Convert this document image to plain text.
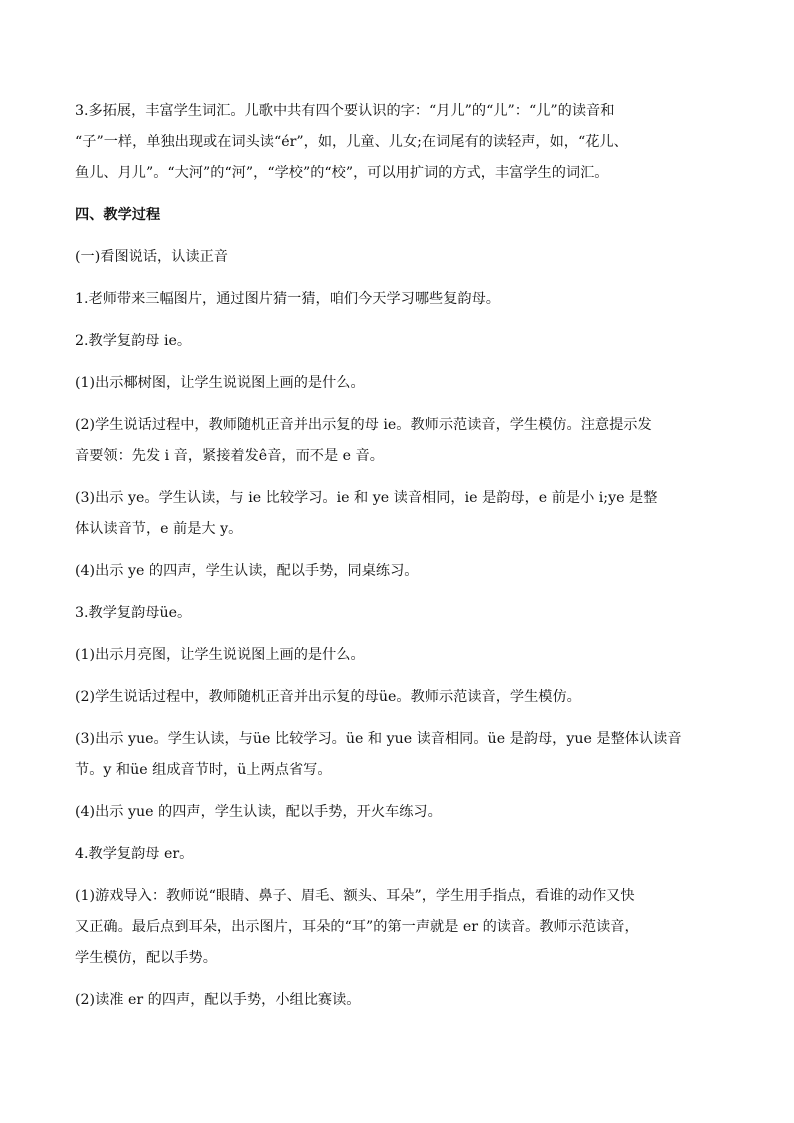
3.多拓展，丰富学生词汇。儿歌中共有四个要认识的字：“月儿”的“儿”：“儿”的读音和
“子”一样，单独出现或在词头读“ér”，如，儿童、儿女;在词尾有的读轻声，如，“花儿、
鱼儿、月儿”。“大河”的“河”，“学校”的“校”，可以用扩词的方式，丰富学生的词汇。

四、教学过程

(一)看图说话，认读正音

1.老师带来三幅图片，通过图片猜一猜，咱们今天学习哪些复韵母。

2.教学复韵母 ie。

(1)出示椰树图，让学生说说图上画的是什么。

(2)学生说话过程中，教师随机正音并出示复的母 ie。教师示范读音，学生模仿。注意提示发
音要领：先发 i 音，紧接着发ê音，而不是 e 音。

(3)出示 ye。学生认读，与 ie 比较学习。ie 和 ye 读音相同，ie 是韵母，e 前是小 i;ye 是整
体认读音节，e 前是大 y。

(4)出示 ye 的四声，学生认读，配以手势，同桌练习。

3.教学复韵母üe。

(1)出示月亮图，让学生说说图上画的是什么。

(2)学生说话过程中，教师随机正音并出示复的母üe。教师示范读音，学生模仿。

(3)出示 yue。学生认读，与üe 比较学习。üe 和 yue 读音相同。üe 是韵母，yue 是整体认读音
节。y 和üe 组成音节时，ü上两点省写。

(4)出示 yue 的四声，学生认读，配以手势，开火车练习。

4.教学复韵母 er。

(1)游戏导入：教师说“眼睛、鼻子、眉毛、额头、耳朵”，学生用手指点，看谁的动作又快
又正确。最后点到耳朵，出示图片，耳朵的“耳”的第一声就是 er 的读音。教师示范读音，
学生模仿，配以手势。

(2)读准 er 的四声，配以手势，小组比赛读。
